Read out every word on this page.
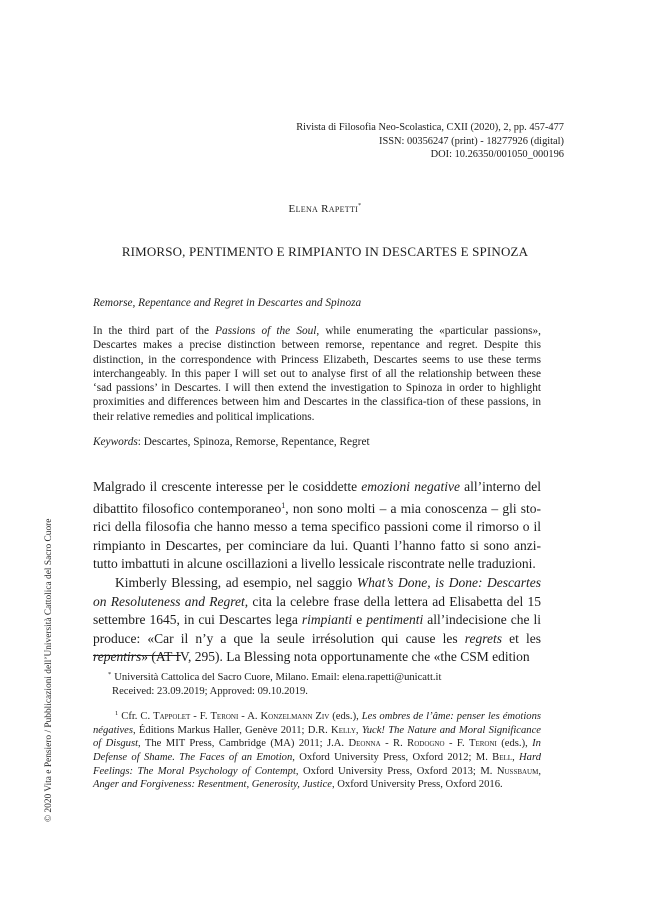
© 2020 Vita e Pensiero / Pubblicazioni dell’Università Cattolica del Sacro Cuore
Rivista di Filosofia Neo-Scolastica, CXII (2020), 2, pp. 457-477
ISSN: 00356247 (print) - 18277926 (digital)
DOI: 10.26350/001050_000196
Elena Rapetti*
RIMORSO, PENTIMENTO E RIMPIANTO IN DESCARTES E SPINOZA
Remorse, Repentance and Regret in Descartes and Spinoza
In the third part of the Passions of the Soul, while enumerating the «particular passions», Descartes makes a precise distinction between remorse, repentance and regret. Despite this distinction, in the correspondence with Princess Elizabeth, Descartes seems to use these terms interchangeably. In this paper I will set out to analyse first of all the relationship between these ‘sad passions’ in Descartes. I will then extend the investigation to Spinoza in order to highlight proximities and differences between him and Descartes in the classifica-tion of these passions, in their relative remedies and political implications.
Keywords: Descartes, Spinoza, Remorse, Repentance, Regret

Malgrado il crescente interesse per le cosiddette emozioni negative all’interno del dibattito filosofico contemporaneo$^1$, non sono molti – a mia conoscenza – gli sto-rici della filosofia che hanno messo a tema specifico passioni come il rimorso o il rimpianto in Descartes, per cominciare da lui. Quanti l’hanno fatto si sono anzi-tutto imbattuti in alcune oscillazioni a livello lessicale riscontrate nelle traduzioni.

Kimberly Blessing, ad esempio, nel saggio What’s Done, is Done: Descartes on Resoluteness and Regret, cita la celebre frase della lettera ad Elisabetta del 15 settembre 1645, in cui Descartes lega rimpianti e pentimenti all’indecisione che li produce: «Car il n’y a que la seule irrésolution qui cause les regrets et les repentirs» (AT IV, 295). La Blessing nota opportunamente che «the CSM edition

* Università Cattolica del Sacro Cuore, Milano. Email: elena.rapetti@unicatt.it
Received: 23.09.2019; Approved: 09.10.2019.
$^1$ Cfr. C. Tappolet - F. Teroni - A. Konzelmann Ziv (eds.), Les ombres de l’âme: penser les émotions négatives, Éditions Markus Haller, Genève 2011; D.R. Kelly, Yuck! The Nature and Moral Significance of Disgust, The MIT Press, Cambridge (MA) 2011; J.A. Deonna - R. Rodogno - F. Teroni (eds.), In Defense of Shame. The Faces of an Emotion, Oxford University Press, Oxford 2012; M. Bell, Hard Feelings: The Moral Psychology of Contempt, Oxford University Press, Oxford 2013; M. Nussbaum, Anger and Forgiveness: Resentment, Generosity, Justice, Oxford University Press, Oxford 2016.
